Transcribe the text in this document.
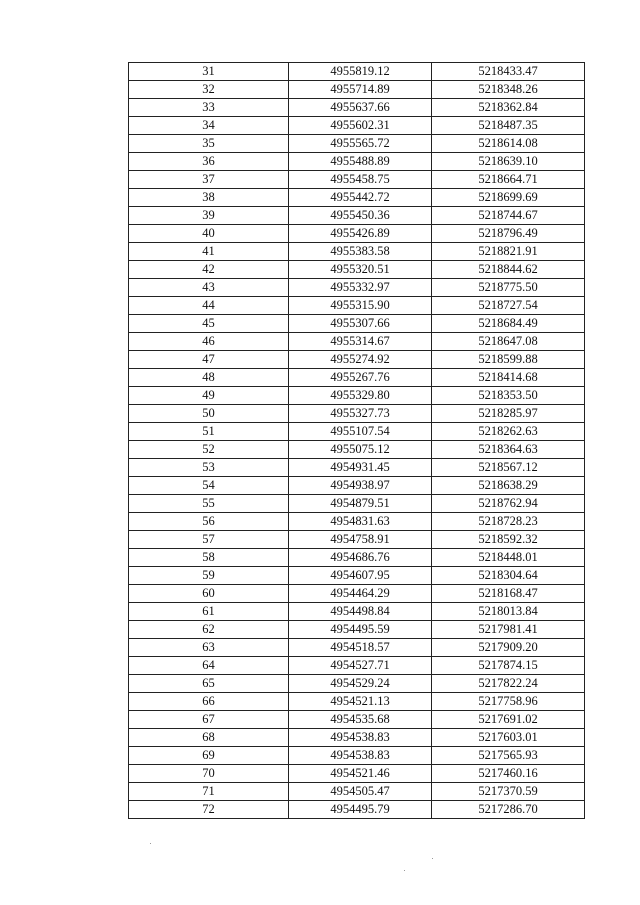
31	4955819.12	5218433.47
32	4955714.89	5218348.26
33	4955637.66	5218362.84
34	4955602.31	5218487.35
35	4955565.72	5218614.08
36	4955488.89	5218639.10
37	4955458.75	5218664.71
38	4955442.72	5218699.69
39	4955450.36	5218744.67
40	4955426.89	5218796.49
41	4955383.58	5218821.91
42	4955320.51	5218844.62
43	4955332.97	5218775.50
44	4955315.90	5218727.54
45	4955307.66	5218684.49
46	4955314.67	5218647.08
47	4955274.92	5218599.88
48	4955267.76	5218414.68
49	4955329.80	5218353.50
50	4955327.73	5218285.97
51	4955107.54	5218262.63
52	4955075.12	5218364.63
53	4954931.45	5218567.12
54	4954938.97	5218638.29
55	4954879.51	5218762.94
56	4954831.63	5218728.23
57	4954758.91	5218592.32
58	4954686.76	5218448.01
59	4954607.95	5218304.64
60	4954464.29	5218168.47
61	4954498.84	5218013.84
62	4954495.59	5217981.41
63	4954518.57	5217909.20
64	4954527.71	5217874.15
65	4954529.24	5217822.24
66	4954521.13	5217758.96
67	4954535.68	5217691.02
68	4954538.83	5217603.01
69	4954538.83	5217565.93
70	4954521.46	5217460.16
71	4954505.47	5217370.59
72	4954495.79	5217286.70
